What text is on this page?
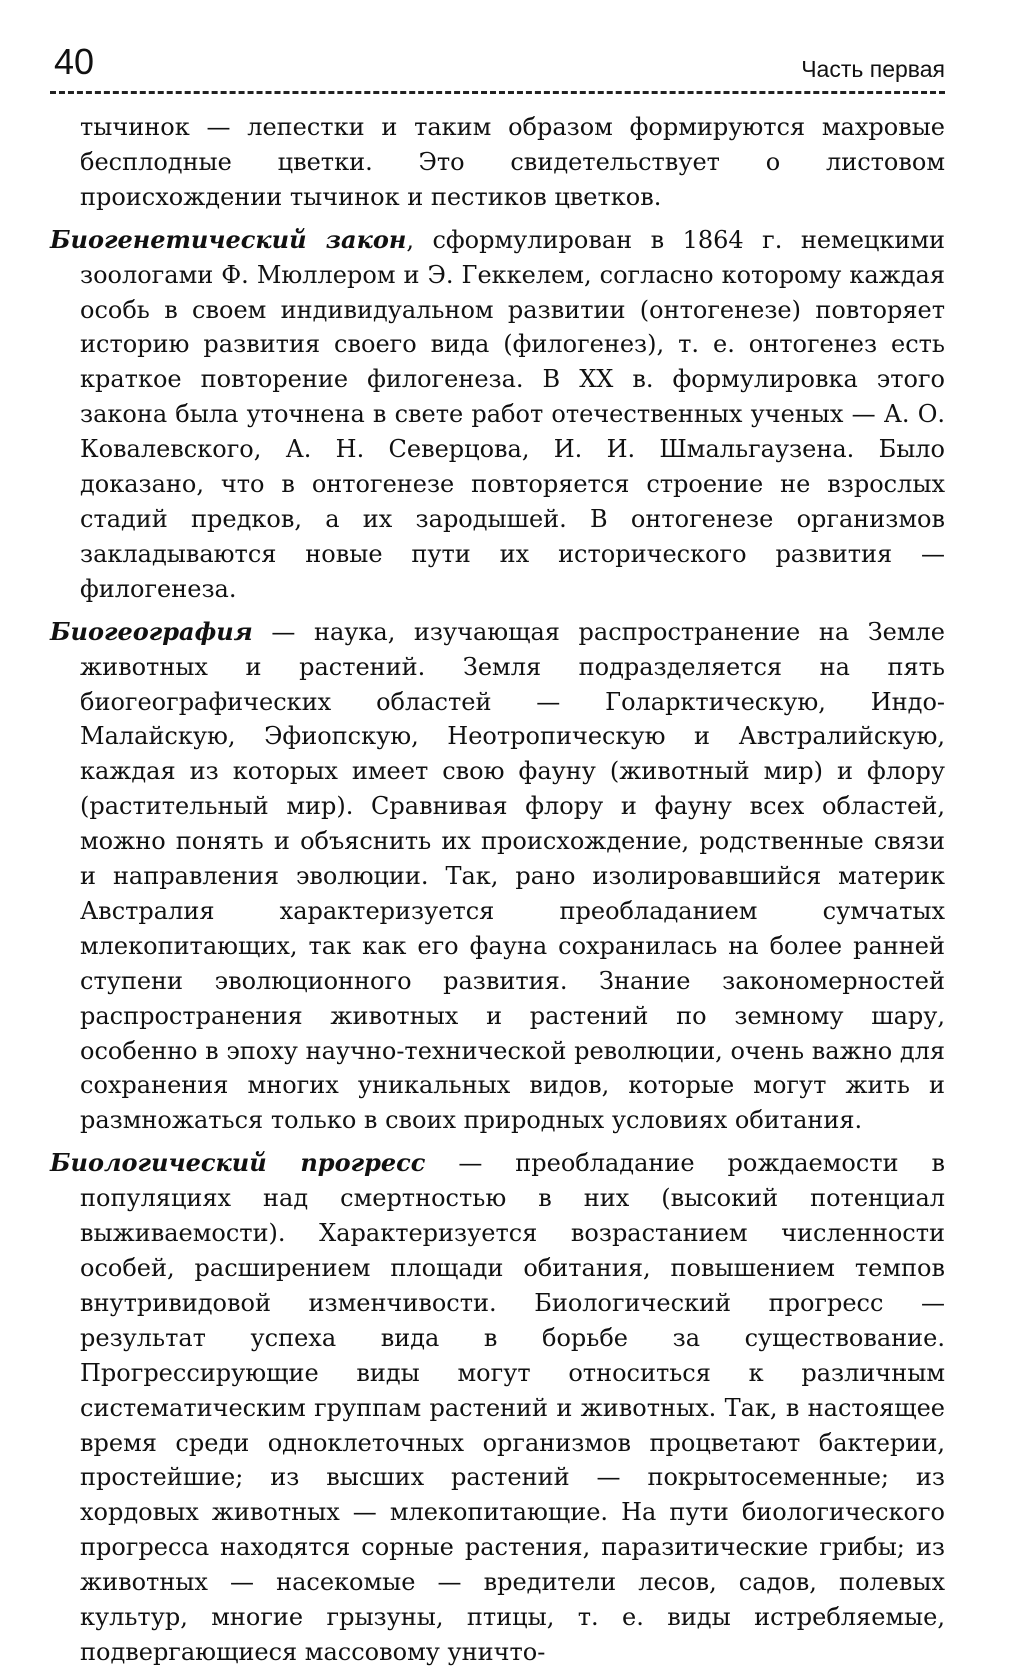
40	Часть первая

тычинок — лепестки и таким образом формируются махровые бесплодные цветки. Это свидетельствует о листовом происхождении тычинок и пестиков цветков.

Биогенетический закон, сформулирован в 1864 г. немецкими зоологами Ф. Мюллером и Э. Геккелем, согласно которому каждая особь в своем индивидуальном развитии (онтогенезе) повторяет историю развития своего вида (филогенез), т. е. онтогенез есть краткое повторение филогенеза. В XX в. формулировка этого закона была уточнена в свете работ отечественных ученых — А. О. Ковалевского, А. Н. Северцова, И. И. Шмальгаузена. Было доказано, что в онтогенезе повторяется строение не взрослых стадий предков, а их зародышей. В онтогенезе организмов закладываются новые пути их исторического развития — филогенеза.

Биогеография — наука, изучающая распространение на Земле животных и растений. Земля подразделяется на пять биогеографических областей — Голарктическую, Индо-Малайскую, Эфиопскую, Неотропическую и Австралийскую, каждая из которых имеет свою фауну (животный мир) и флору (растительный мир). Сравнивая флору и фауну всех областей, можно понять и объяснить их происхождение, родственные связи и направления эволюции. Так, рано изолировавшийся материк Австралия характеризуется преобладанием сумчатых млекопитающих, так как его фауна сохранилась на более ранней ступени эволюционного развития. Знание закономерностей распространения животных и растений по земному шару, особенно в эпоху научно-технической революции, очень важно для сохранения многих уникальных видов, которые могут жить и размножаться только в своих природных условиях обитания.

Биологический прогресс — преобладание рождаемости в популяциях над смертностью в них (высокий потенциал выживаемости). Характеризуется возрастанием численности особей, расширением площади обитания, повышением темпов внутривидовой изменчивости. Биологический прогресс — результат успеха вида в борьбе за существование. Прогрессирующие виды могут относиться к различным систематическим группам растений и животных. Так, в настоящее время среди одноклеточных организмов процветают бактерии, простейшие; из высших растений — покрытосеменные; из хордовых животных — млекопитающие. На пути биологического прогресса находятся сорные растения, паразитические грибы; из животных — насекомые — вредители лесов, садов, полевых культур, многие грызуны, птицы, т. е. виды истребляемые, подвергающиеся массовому уничто-
